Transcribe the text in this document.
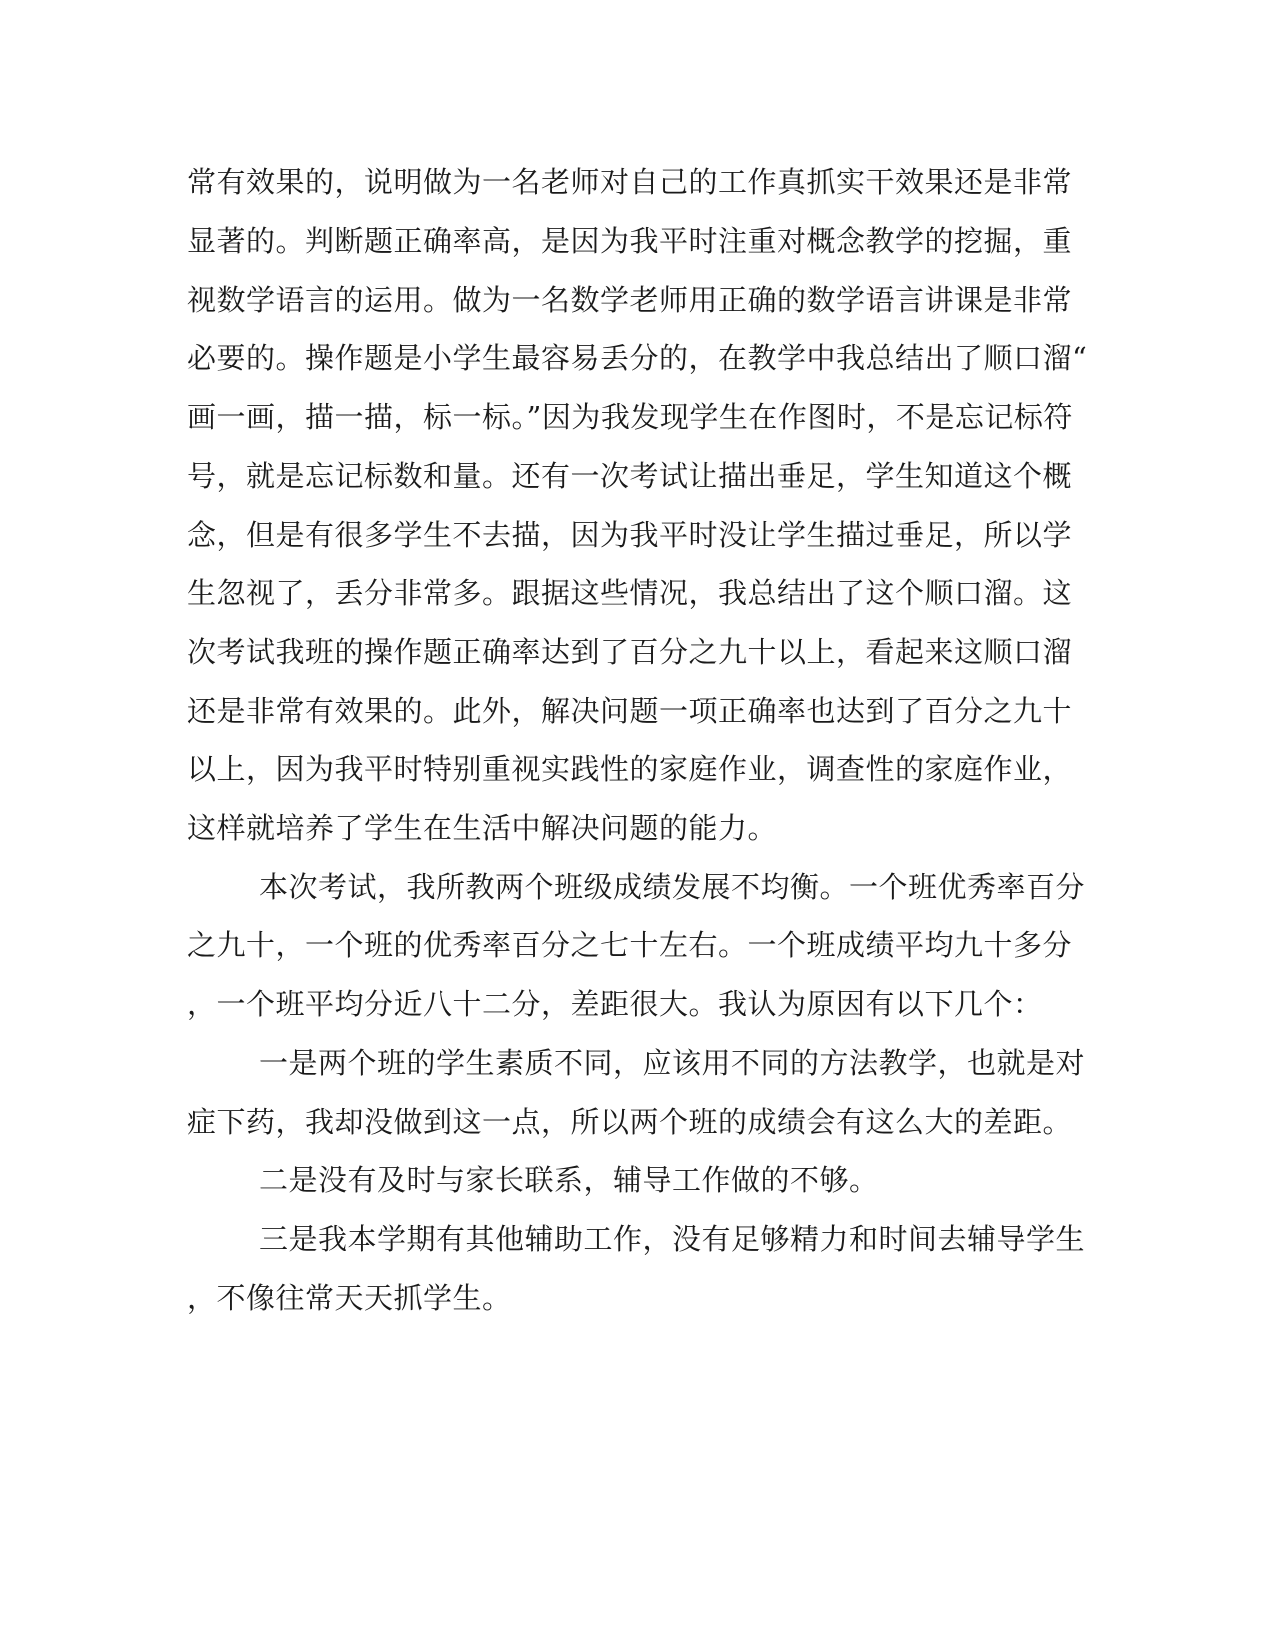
常有效果的，说明做为一名老师对自己的工作真抓实干效果还是非常
显著的。判断题正确率高，是因为我平时注重对概念教学的挖掘，重
视数学语言的运用。做为一名数学老师用正确的数学语言讲课是非常
必要的。操作题是小学生最容易丢分的，在教学中我总结出了顺口溜“
画一画，描一描，标一标。”因为我发现学生在作图时，不是忘记标符
号，就是忘记标数和量。还有一次考试让描出垂足，学生知道这个概
念，但是有很多学生不去描，因为我平时没让学生描过垂足，所以学
生忽视了，丢分非常多。跟据这些情况，我总结出了这个顺口溜。这
次考试我班的操作题正确率达到了百分之九十以上，看起来这顺口溜
还是非常有效果的。此外，解决问题一项正确率也达到了百分之九十
以上，因为我平时特别重视实践性的家庭作业，调查性的家庭作业，
这样就培养了学生在生活中解决问题的能力。
本次考试，我所教两个班级成绩发展不均衡。一个班优秀率百分
之九十，一个班的优秀率百分之七十左右。一个班成绩平均九十多分
，一个班平均分近八十二分，差距很大。我认为原因有以下几个：
一是两个班的学生素质不同，应该用不同的方法教学，也就是对
症下药，我却没做到这一点，所以两个班的成绩会有这么大的差距。
二是没有及时与家长联系，辅导工作做的不够。
三是我本学期有其他辅助工作，没有足够精力和时间去辅导学生
，不像往常天天抓学生。
